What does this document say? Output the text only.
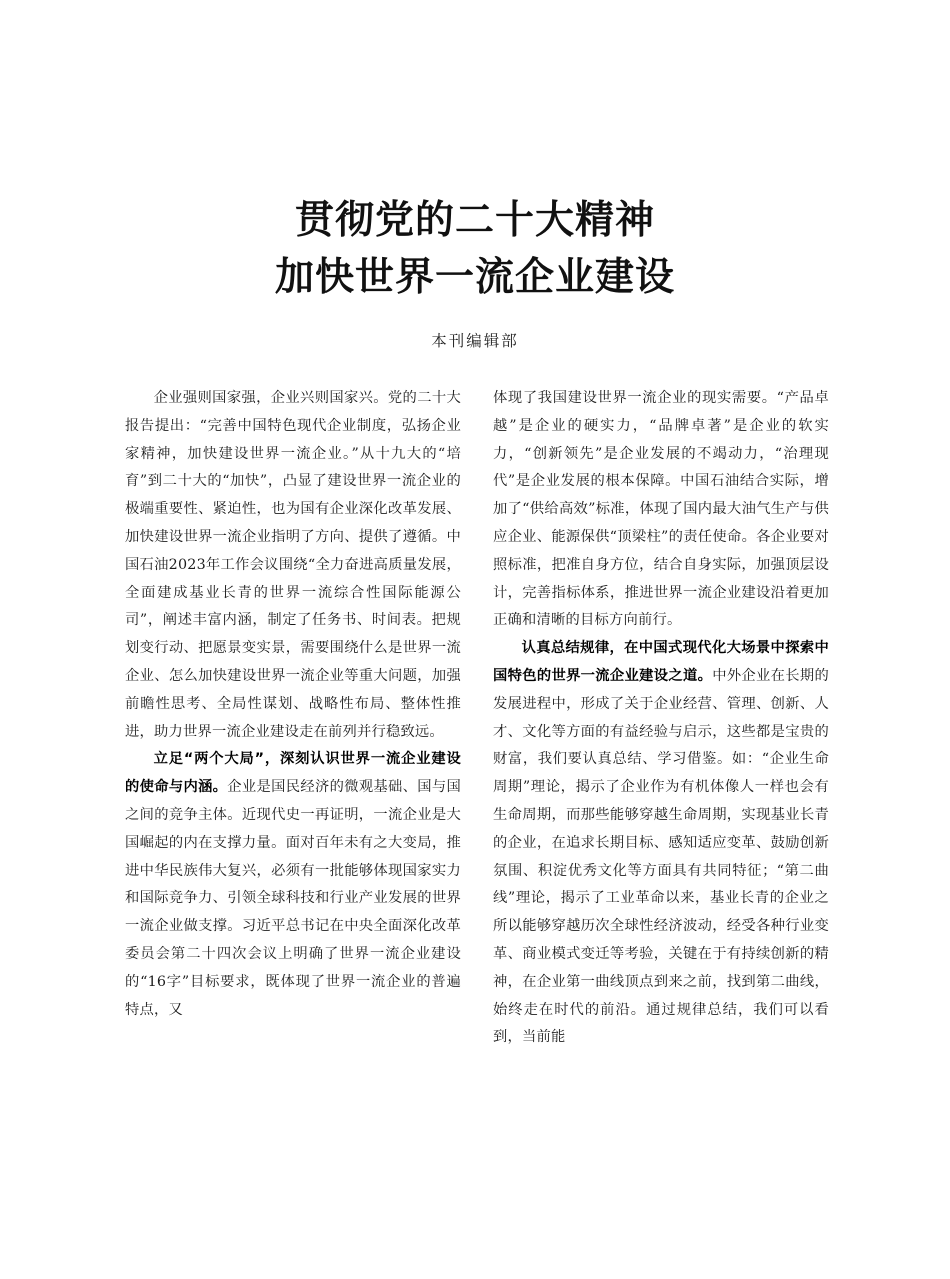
贯彻党的二十大精神
加快世界一流企业建设
本刊编辑部

企业强则国家强，企业兴则国家兴。党的二十大报告提出：“完善中国特色现代企业制度，弘扬企业家精神，加快建设世界一流企业。”从十九大的“培育”到二十大的“加快”，凸显了建设世界一流企业的极端重要性、紧迫性，也为国有企业深化改革发展、加快建设世界一流企业指明了方向、提供了遵循。中国石油2023年工作会议围绕“全力奋进高质量发展，全面建成基业长青的世界一流综合性国际能源公司”，阐述丰富内涵，制定了任务书、时间表。把规划变行动、把愿景变实景，需要围绕什么是世界一流企业、怎么加快建设世界一流企业等重大问题，加强前瞻性思考、全局性谋划、战略性布局、整体性推进，助力世界一流企业建设走在前列并行稳致远。

立足“两个大局”，深刻认识世界一流企业建设的使命与内涵。企业是国民经济的微观基础、国与国之间的竞争主体。近现代史一再证明，一流企业是大国崛起的内在支撑力量。面对百年未有之大变局，推进中华民族伟大复兴，必须有一批能够体现国家实力和国际竞争力、引领全球科技和行业产业发展的世界一流企业做支撑。习近平总书记在中央全面深化改革委员会第二十四次会议上明确了世界一流企业建设的“16字”目标要求，既体现了世界一流企业的普遍特点，又

体现了我国建设世界一流企业的现实需要。“产品卓越”是企业的硬实力，“品牌卓著”是企业的软实力，“创新领先”是企业发展的不竭动力，“治理现代”是企业发展的根本保障。中国石油结合实际，增加了“供给高效”标准，体现了国内最大油气生产与供应企业、能源保供“顶梁柱”的责任使命。各企业要对照标准，把准自身方位，结合自身实际，加强顶层设计，完善指标体系，推进世界一流企业建设沿着更加正确和清晰的目标方向前行。

认真总结规律，在中国式现代化大场景中探索中国特色的世界一流企业建设之道。中外企业在长期的发展进程中，形成了关于企业经营、管理、创新、人才、文化等方面的有益经验与启示，这些都是宝贵的财富，我们要认真总结、学习借鉴。如：“企业生命周期”理论，揭示了企业作为有机体像人一样也会有生命周期，而那些能够穿越生命周期，实现基业长青的企业，在追求长期目标、感知适应变革、鼓励创新氛围、积淀优秀文化等方面具有共同特征；“第二曲线”理论，揭示了工业革命以来，基业长青的企业之所以能够穿越历次全球性经济波动，经受各种行业变革、商业模式变迁等考验，关键在于有持续创新的精神，在企业第一曲线顶点到来之前，找到第二曲线，始终走在时代的前沿。通过规律总结，我们可以看到，当前能
